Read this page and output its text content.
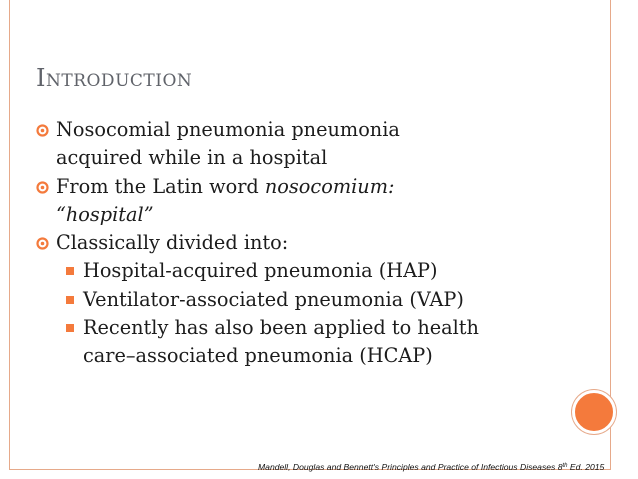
INTRODUCTION
Nosocomial pneumonia pneumonia
acquired while in a hospital
From the Latin word nosocomium:
“hospital”
Classically divided into:
Hospital-acquired pneumonia (HAP)
Ventilator-associated pneumonia (VAP)
Recently has also been applied to health
care–associated pneumonia (HCAP)
Mandell, Douglas and Bennett's Principles and Practice of Infectious Diseases 8th Ed. 2015
